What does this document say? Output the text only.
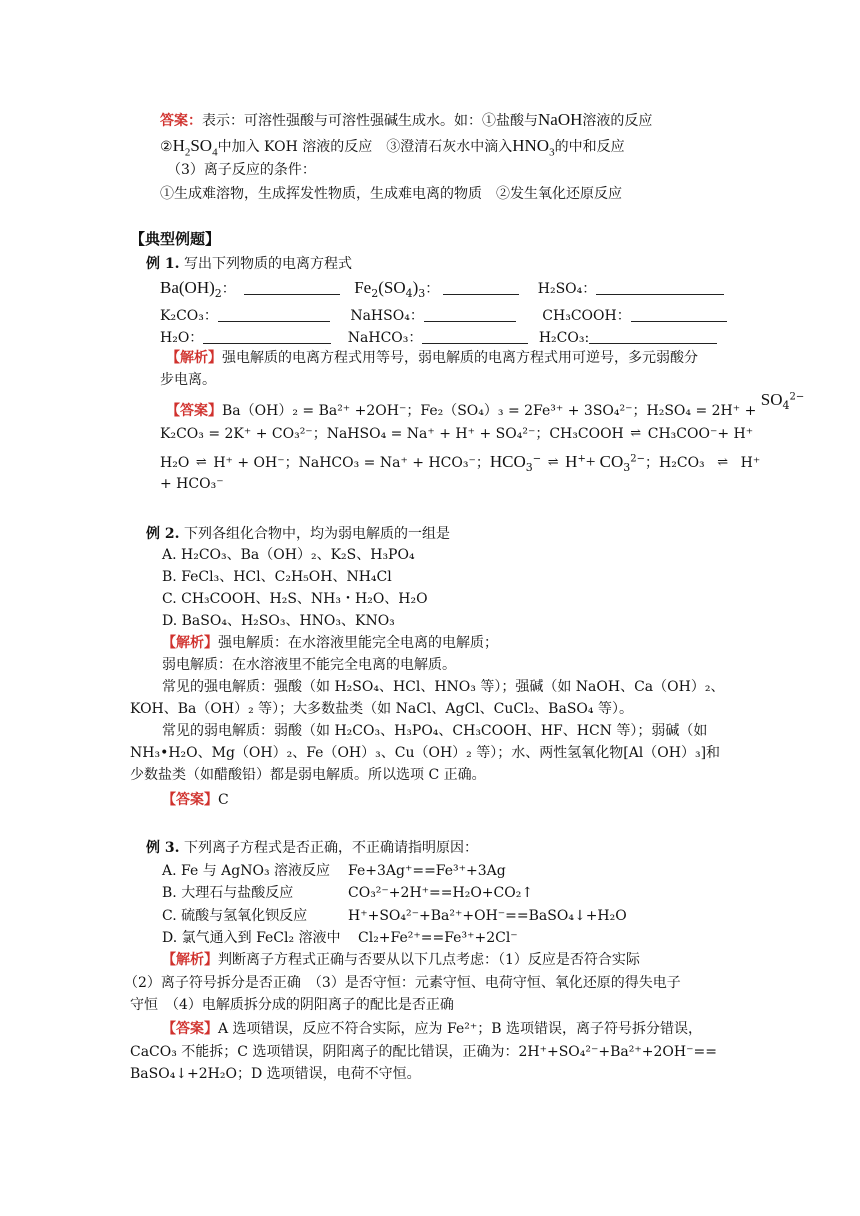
答案：表示：可溶性强酸与可溶性强碱生成水。如：①盐酸与NaOH溶液的反应
$②H_2SO_4$中加入 KOH 溶液的反应　③澄清石灰水中滴入$HNO_3$的中和反应
（3）离子反应的条件：
①生成难溶物，生成挥发性物质，生成难电离的物质　②发生氧化还原反应
【典型例题】
例 1. 写出下列物质的电离方程式
$Ba(OH)_2$：	$Fe_2(SO_4)_3$：	H₂SO₄：
K₂CO₃：	NaHSO₄：	CH₃COOH：
H₂O：	NaHCO₃：	H₂CO₃:
【解析】强电解质的电离方程式用等号，弱电解质的电离方程式用可逆号，多元弱酸分
步电离。
【答案】Ba（OH）₂ = Ba²⁺ +2OH⁻；Fe₂（SO₄）₃ = 2Fe³⁺ + 3SO₄²⁻；$H_2SO_4 = 2H^+ + SO_4^{2-}$
K₂CO₃ = 2K⁺ + CO₃²⁻；NaHSO₄ = Na⁺ + H⁺ + SO₄²⁻；CH₃COOH ⇌ CH₃COO⁻+ H⁺
H₂O ⇌ H⁺ + OH⁻；NaHCO₃ = Na⁺ + HCO₃⁻；$HCO_3^-$ ⇌ $H^++ CO_3^{2-}$；H₂CO₃ ⇌ H⁺
+ HCO₃⁻
例 2. 下列各组化合物中，均为弱电解质的一组是
A. H₂CO₃、Ba（OH）₂、K₂S、H₃PO₄
B. FeCl₃、HCl、C₂H₅OH、NH₄Cl
C. CH₃COOH、H₂S、NH₃・H₂O、H₂O
D. BaSO₄、H₂SO₃、HNO₃、KNO₃
【解析】强电解质：在水溶液里能完全电离的电解质；
弱电解质：在水溶液里不能完全电离的电解质。
常见的强电解质：强酸（如 H₂SO₄、HCl、HNO₃ 等）；强碱（如 NaOH、Ca（OH）₂、
KOH、Ba（OH）₂ 等）；大多数盐类（如 NaCl、AgCl、CuCl₂、BaSO₄ 等）。
常见的弱电解质：弱酸（如 H₂CO₃、H₃PO₄、CH₃COOH、HF、HCN 等）；弱碱（如
NH₃•H₂O、Mg（OH）₂、Fe（OH）₃、Cu（OH）₂ 等）；水、两性氢氧化物[Al（OH）₃]和
少数盐类（如醋酸铅）都是弱电解质。所以选项 C 正确。
【答案】C
例 3. 下列离子方程式是否正确，不正确请指明原因：
A. Fe 与 AgNO₃ 溶液反应 Fe+3Ag⁺==Fe³⁺+3Ag
B. 大理石与盐酸反应	CO₃²⁻+2H⁺==H₂O+CO₂↑
C. 硫酸与氢氧化钡反应	H⁺+SO₄²⁻+Ba²⁺+OH⁻==BaSO₄↓+H₂O
D. 氯气通入到 FeCl₂ 溶液中 Cl₂+Fe²⁺==Fe³⁺+2Cl⁻
【解析】判断离子方程式正确与否要从以下几点考虑：（1）反应是否符合实际
（2）离子符号拆分是否正确　（3）是否守恒：元素守恒、电荷守恒、氧化还原的得失电子
守恒　（4）电解质拆分成的阴阳离子的配比是否正确
【答案】A 选项错误，反应不符合实际，应为 Fe²⁺；B 选项错误，离子符号拆分错误，
CaCO₃ 不能拆；C 选项错误，阴阳离子的配比错误，正确为：2H⁺+SO₄²⁻+Ba²⁺+2OH⁻==
BaSO₄↓+2H₂O；D 选项错误，电荷不守恒。
